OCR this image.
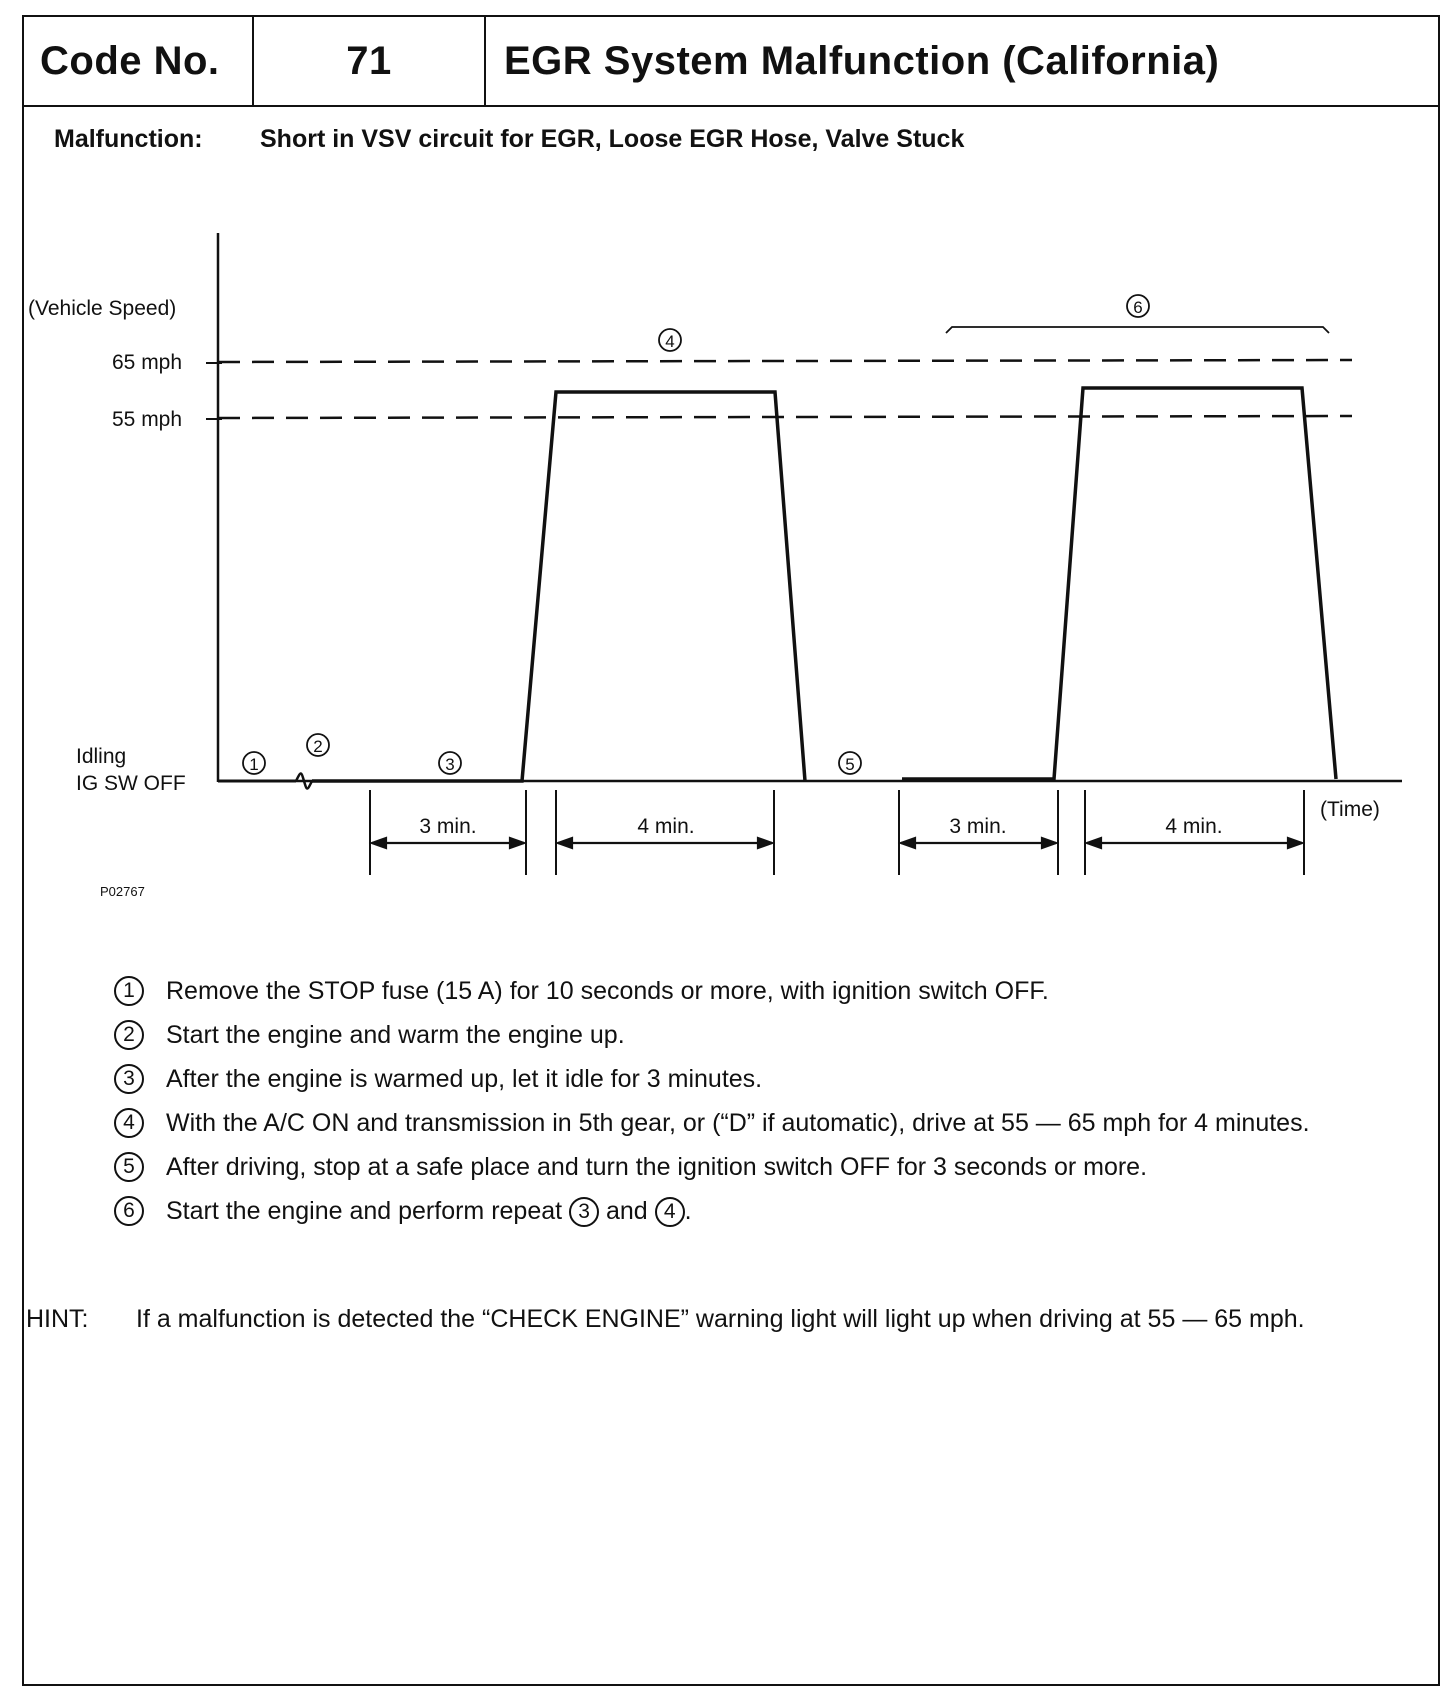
Code No.	71	EGR System Malfunction (California)
Malfunction: Short in VSV circuit for EGR, Loose EGR Hose, Valve Stuck
(Vehicle Speed)
65 mph
55 mph
Idling
IG SW OFF
(Time)
P02767
1
2
3
4
5
6
3 min.	4 min.	3 min.	4 min.
1	Remove the STOP fuse (15 A) for 10 seconds or more, with ignition switch OFF.
2	Start the engine and warm the engine up.
3	After the engine is warmed up, let it idle for 3 minutes.
4	With the A/C ON and transmission in 5th gear, or (“D” if automatic), drive at 55 — 65 mph for 4 minutes.
5	After driving, stop at a safe place and turn the ignition switch OFF for 3 seconds or more.
6	Start the engine and perform repeat 3 and 4 .
HINT: If a malfunction is detected the “CHECK ENGINE” warning light will light up when driving at 55 — 65 mph.
